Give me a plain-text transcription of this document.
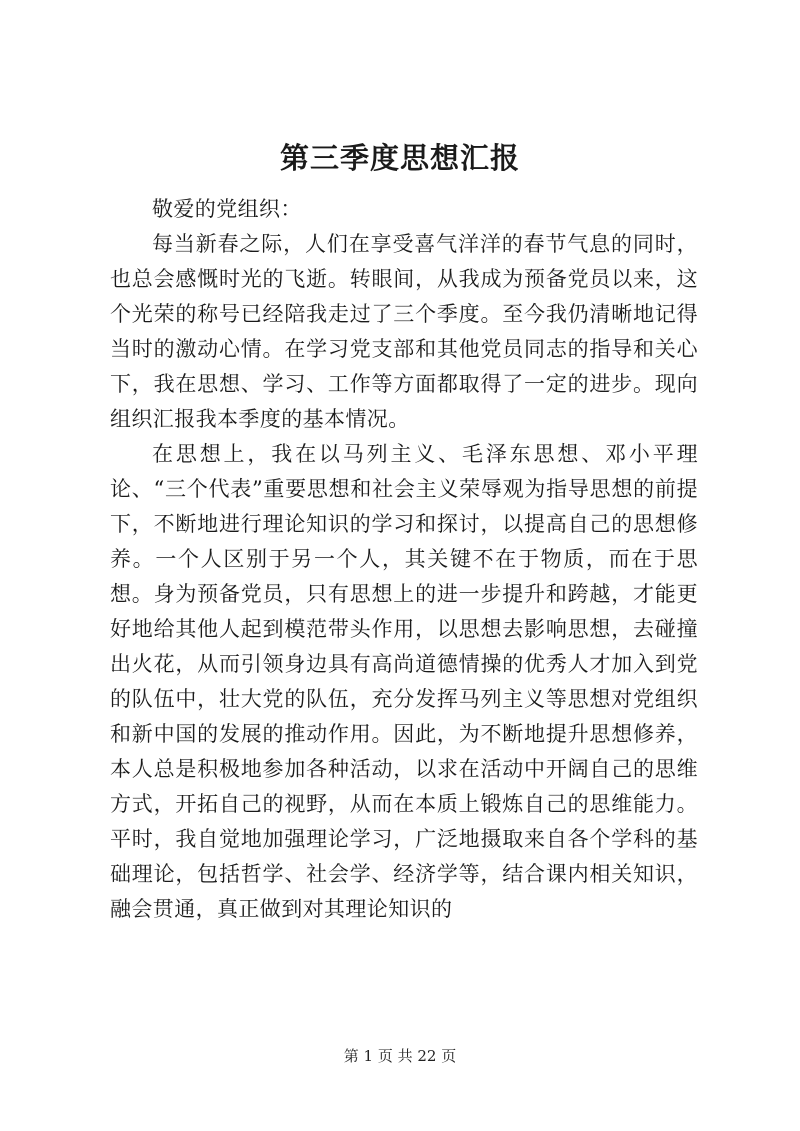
第三季度思想汇报

敬爱的党组织：

每当新春之际，人们在享受喜气洋洋的春节气息的同时，也总会感慨时光的飞逝。转眼间，从我成为预备党员以来，这个光荣的称号已经陪我走过了三个季度。至今我仍清晰地记得当时的激动心情。在学习党支部和其他党员同志的指导和关心下，我在思想、学习、工作等方面都取得了一定的进步。现向组织汇报我本季度的基本情况。

在思想上，我在以马列主义、毛泽东思想、邓小平理论、“三个代表”重要思想和社会主义荣辱观为指导思想的前提下，不断地进行理论知识的学习和探讨，以提高自己的思想修养。一个人区别于另一个人，其关键不在于物质，而在于思想。身为预备党员，只有思想上的进一步提升和跨越，才能更好地给其他人起到模范带头作用，以思想去影响思想，去碰撞出火花，从而引领身边具有高尚道德情操的优秀人才加入到党的队伍中，壮大党的队伍，充分发挥马列主义等思想对党组织和新中国的发展的推动作用。因此，为不断地提升思想修养，本人总是积极地参加各种活动，以求在活动中开阔自己的思维方式，开拓自己的视野，从而在本质上锻炼自己的思维能力。平时，我自觉地加强理论学习，广泛地摄取来自各个学科的基础理论，包括哲学、社会学、经济学等，结合课内相关知识，融会贯通，真正做到对其理论知识的

第 1 页 共 22 页
